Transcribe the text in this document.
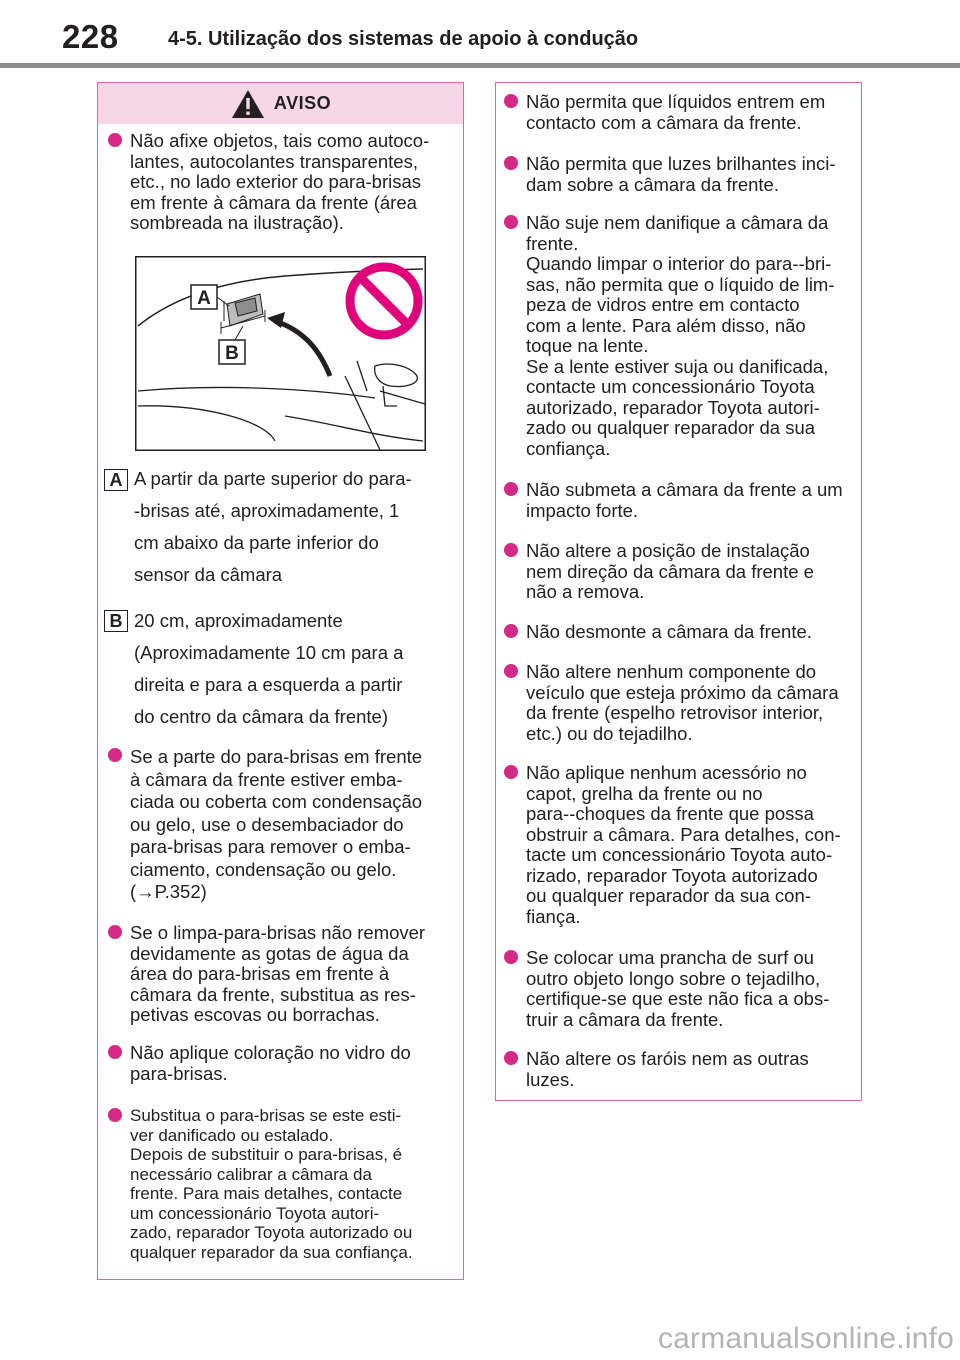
228 4-5. Utilização dos sistemas de apoio à condução
AVISO
Não afixe objetos, tais como autoco-
lantes, autocolantes transparentes,
etc., no lado exterior do para-brisas
em frente à câmara da frente (área
sombreada na ilustração).
A
B
A A partir da parte superior do para-
-brisas até, aproximadamente, 1
cm abaixo da parte inferior do
sensor da câmara
B 20 cm, aproximadamente
(Aproximadamente 10 cm para a
direita e para a esquerda a partir
do centro da câmara da frente)
Se a parte do para-brisas em frente
à câmara da frente estiver emba-
ciada ou coberta com condensação
ou gelo, use o desembaciador do
para-brisas para remover o emba-
ciamento, condensação ou gelo.
(→P.352)
Se o limpa-para-brisas não remover
devidamente as gotas de água da
área do para-brisas em frente à
câmara da frente, substitua as res-
petivas escovas ou borrachas.
Não aplique coloração no vidro do
para-brisas.
Substitua o para-brisas se este esti-
ver danificado ou estalado.
Depois de substituir o para-brisas, é
necessário calibrar a câmara da
frente. Para mais detalhes, contacte
um concessionário Toyota autori-
zado, reparador Toyota autorizado ou
qualquer reparador da sua confiança.
Não permita que líquidos entrem em
contacto com a câmara da frente.
Não permita que luzes brilhantes inci-
dam sobre a câmara da frente.
Não suje nem danifique a câmara da
frente.
Quando limpar o interior do para--bri-
sas, não permita que o líquido de lim-
peza de vidros entre em contacto
com a lente. Para além disso, não
toque na lente.
Se a lente estiver suja ou danificada,
contacte um concessionário Toyota
autorizado, reparador Toyota autori-
zado ou qualquer reparador da sua
confiança.
Não submeta a câmara da frente a um
impacto forte.
Não altere a posição de instalação
nem direção da câmara da frente e
não a remova.
Não desmonte a câmara da frente.
Não altere nenhum componente do
veículo que esteja próximo da câmara
da frente (espelho retrovisor interior,
etc.) ou do tejadilho.
Não aplique nenhum acessório no
capot, grelha da frente ou no
para--choques da frente que possa
obstruir a câmara. Para detalhes, con-
tacte um concessionário Toyota auto-
rizado, reparador Toyota autorizado
ou qualquer reparador da sua con-
fiança.
Se colocar uma prancha de surf ou
outro objeto longo sobre o tejadilho,
certifique-se que este não fica a obs-
truir a câmara da frente.
Não altere os faróis nem as outras
luzes.
carmanualsonline.info
